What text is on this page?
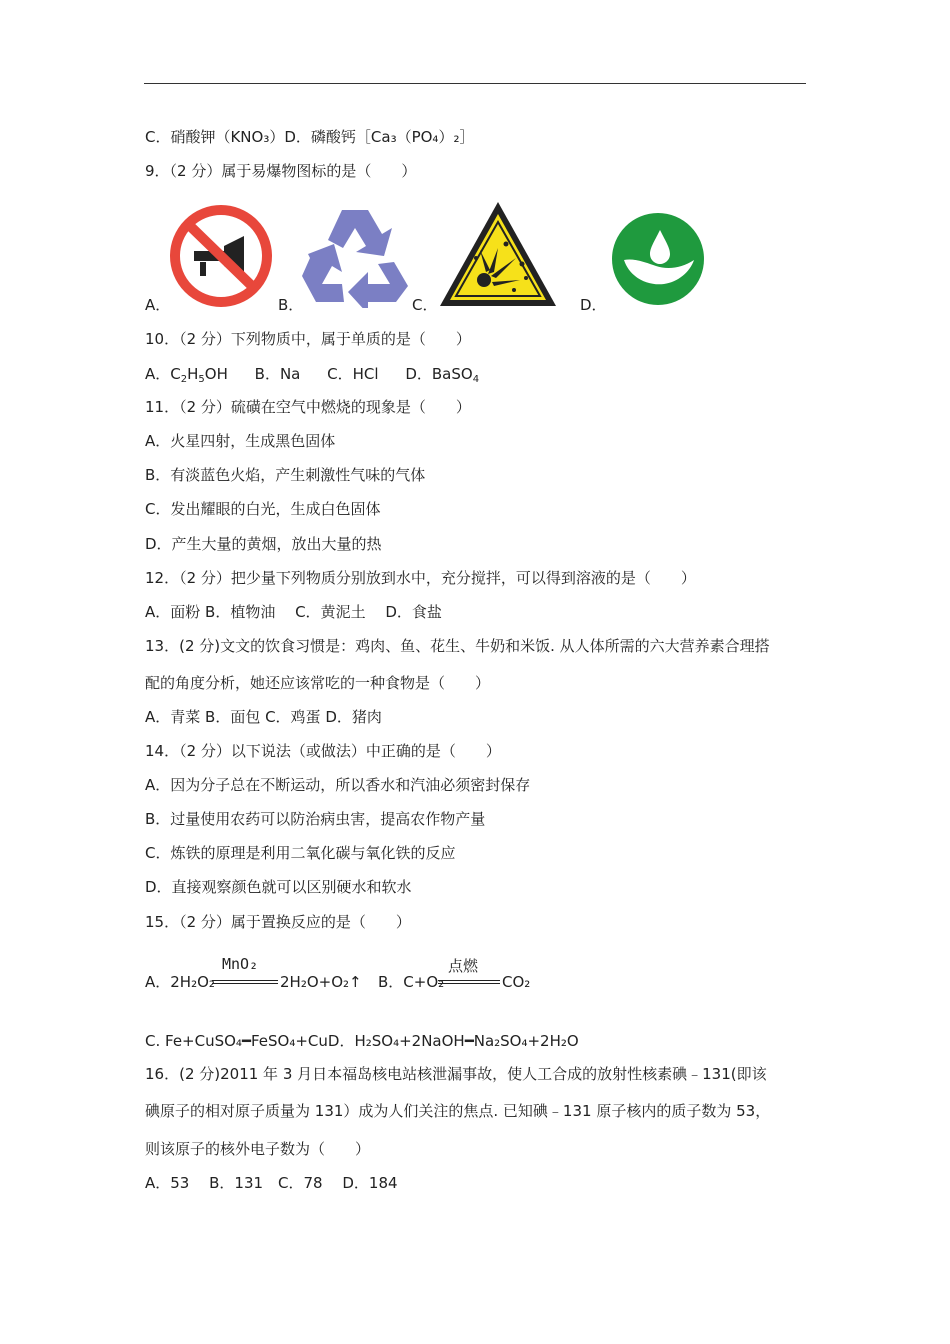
C．硝酸钾（KNO₃）D．磷酸钙［Ca₃（PO₄）₂］
9．（2 分）属于易爆物图标的是（　　）
A．	B．	C．	D．
10．（2 分）下列物质中，属于单质的是（　　）
A．$C_2H_5OH$ B．Na C．HCl D．BaSO$_4$
11．（2 分）硫磺在空气中燃烧的现象是（　　）
A．火星四射，生成黑色固体
B．有淡蓝色火焰，产生刺激性气味的气体
C．发出耀眼的白光，生成白色固体
D．产生大量的黄烟，放出大量的热
12．（2 分）把少量下列物质分别放到水中，充分搅拌，可以得到溶液的是（　　）
A．面粉 B．植物油　 C．黄泥土　 D．食盐
13．(2 分)文文的饮食习惯是：鸡肉、鱼、花生、牛奶和米饭. 从人体所需的六大营养素合理搭
配的角度分析，她还应该常吃的一种食物是（　　）
A．青菜 B．面包 C．鸡蛋 D．猪肉
14．（2 分）以下说法（或做法）中正确的是（　　）
A．因为分子总在不断运动，所以香水和汽油必须密封保存
B．过量使用农药可以防治病虫害，提高农作物产量
C．炼铁的原理是利用二氧化碳与氧化铁的反应
D．直接观察颜色就可以区别硬水和软水
15．（2 分）属于置换反应的是（　　）
A．2H₂O₂
MnO₂
2H₂O+O₂↑ B．C+O₂
点燃
CO₂
C. Fe+CuSO₄━FeSO₄+CuD．H₂SO₄+2NaOH━Na₂SO₄+2H₂O
16．(2 分)2011 年 3 月日本福岛核电站核泄漏事故，使人工合成的放射性核素碘﹣131(即该
碘原子的相对原子质量为 131）成为人们关注的焦点. 已知碘﹣131 原子核内的质子数为 53，
则该原子的核外电子数为（　　）
A．53　 B．131　C．78　 D．184
